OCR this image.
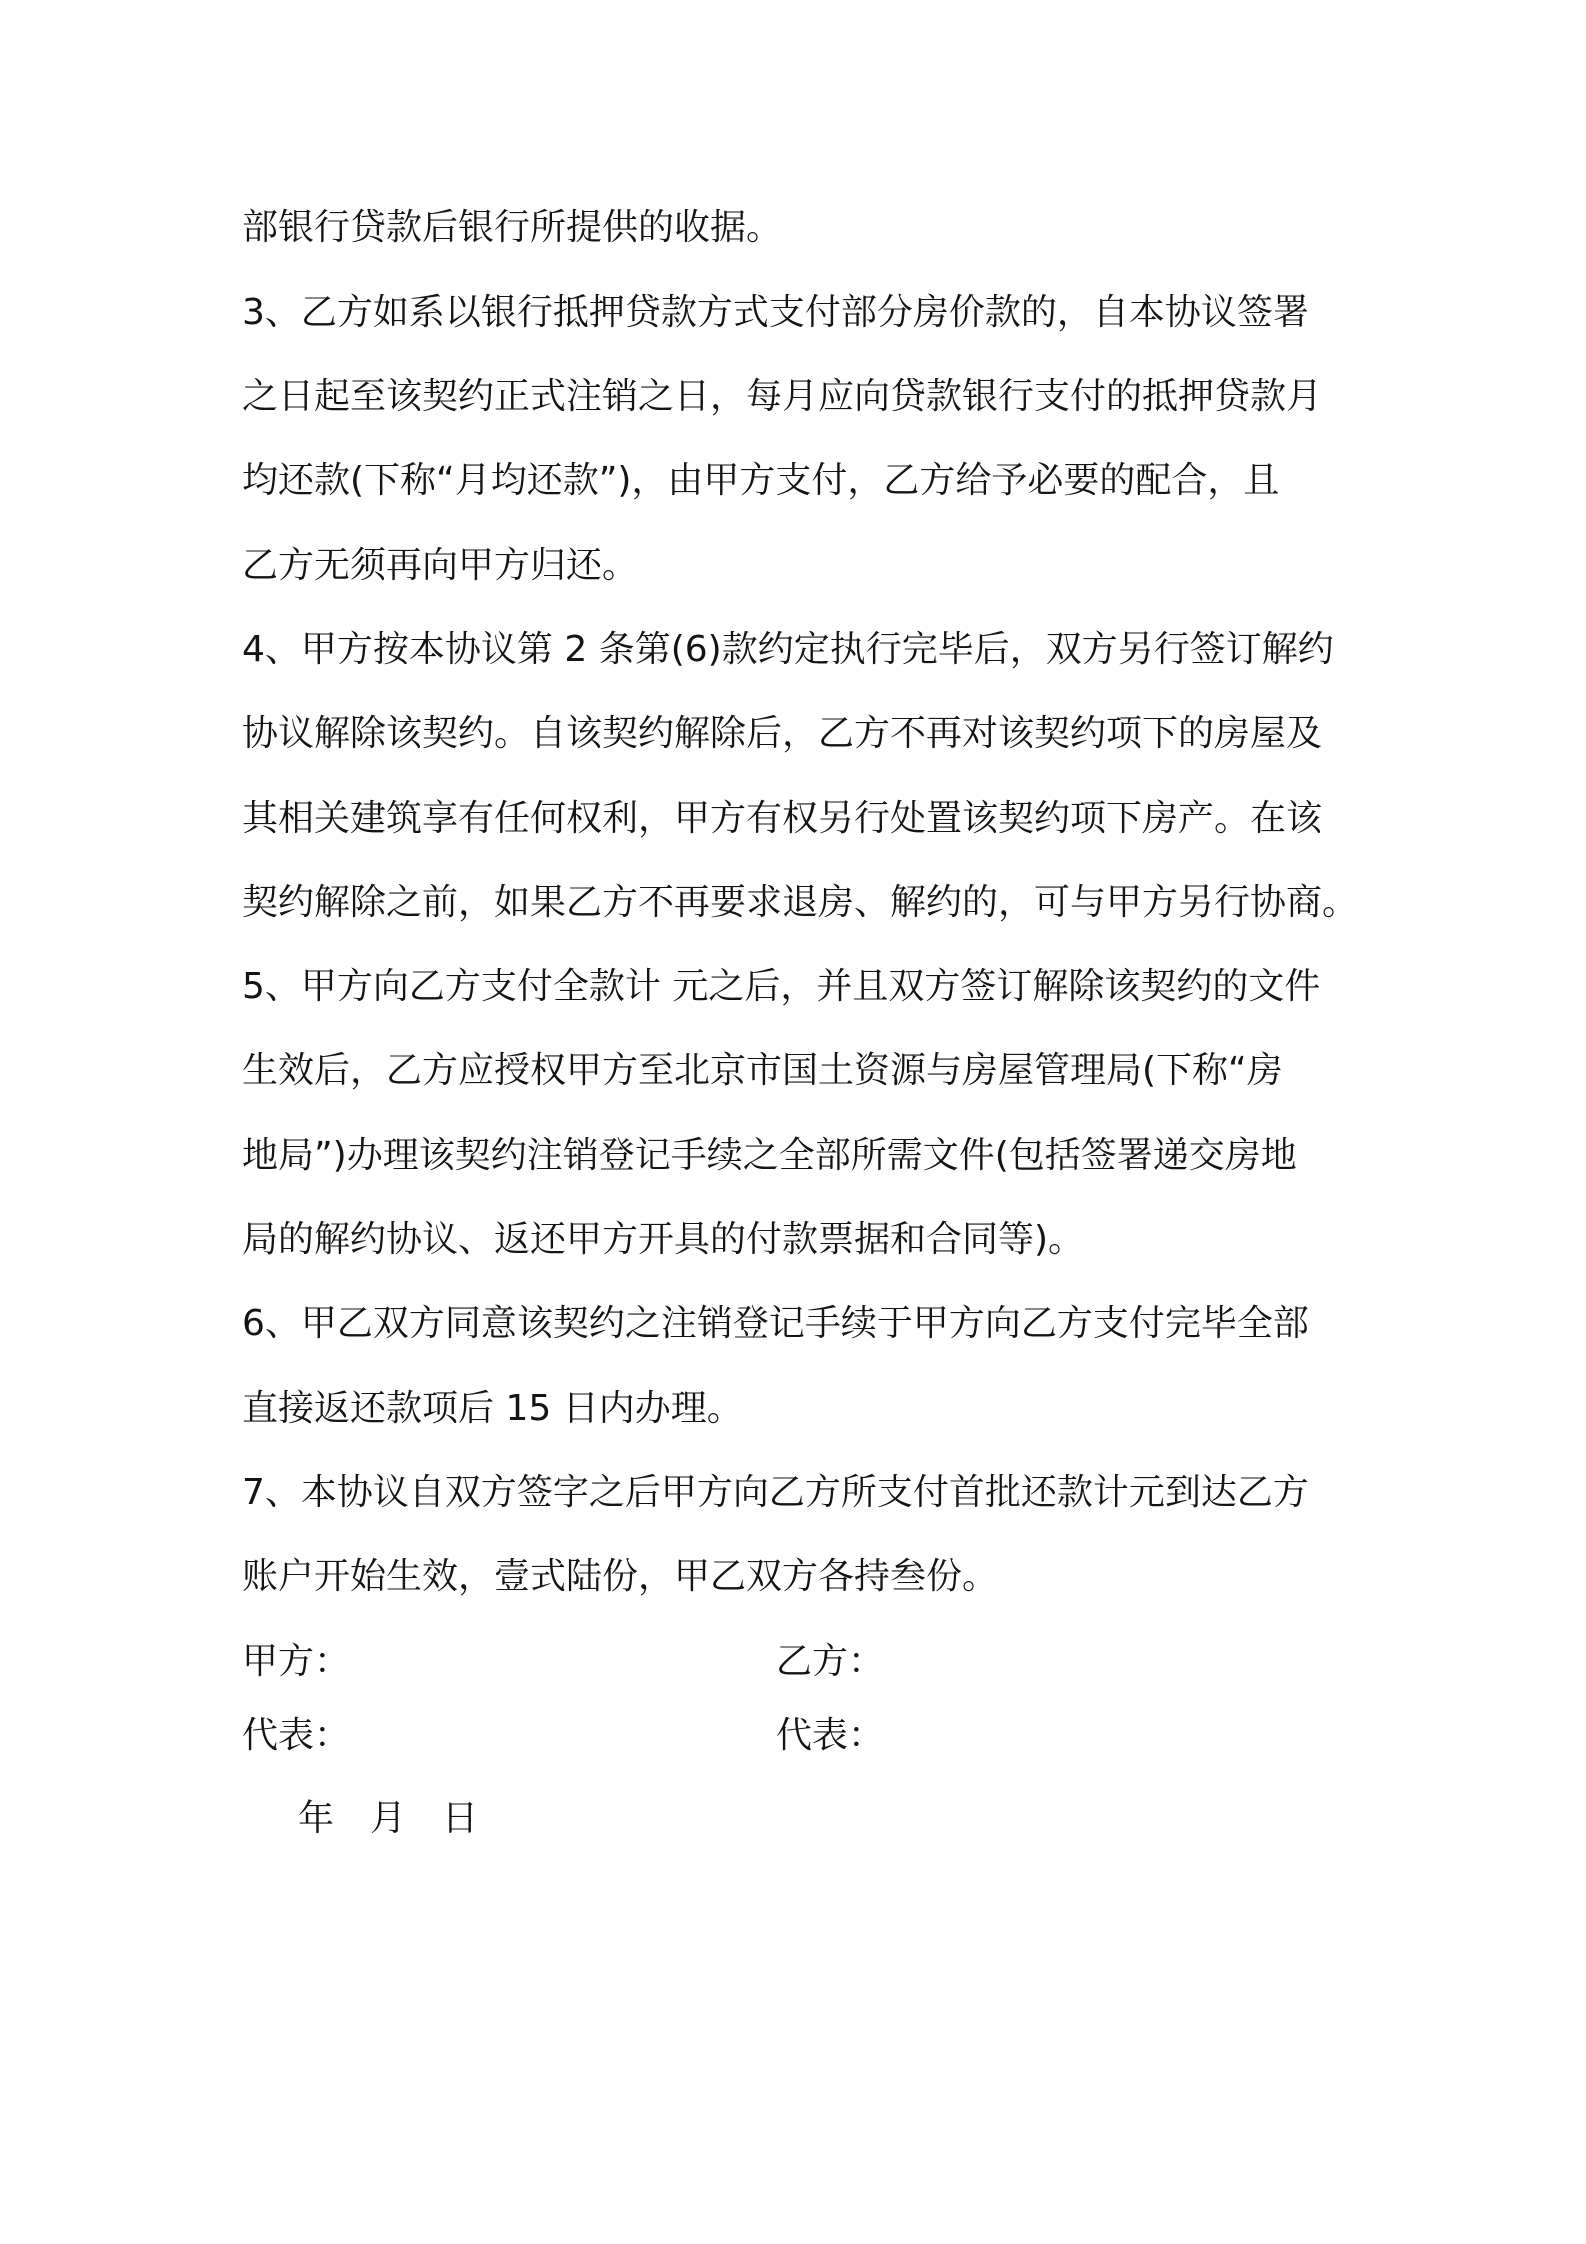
部银行贷款后银行所提供的收据。
3、乙方如系以银行抵押贷款方式支付部分房价款的，自本协议签署
之日起至该契约正式注销之日，每月应向贷款银行支付的抵押贷款月
均还款(下称“月均还款”)，由甲方支付，乙方给予必要的配合，且
乙方无须再向甲方归还。
4、甲方按本协议第 2 条第(6)款约定执行完毕后，双方另行签订解约
协议解除该契约。自该契约解除后，乙方不再对该契约项下的房屋及
其相关建筑享有任何权利，甲方有权另行处置该契约项下房产。在该
契约解除之前，如果乙方不再要求退房、解约的，可与甲方另行协商。
5、甲方向乙方支付全款计 元之后，并且双方签订解除该契约的文件
生效后，乙方应授权甲方至北京市国土资源与房屋管理局(下称“房
地局”)办理该契约注销登记手续之全部所需文件(包括签署递交房地
局的解约协议、返还甲方开具的付款票据和合同等)。
6、甲乙双方同意该契约之注销登记手续于甲方向乙方支付完毕全部
直接返还款项后 15 日内办理。
7、本协议自双方签字之后甲方向乙方所支付首批还款计元到达乙方
账户开始生效，壹式陆份，甲乙双方各持叁份。
甲方：	乙方：
代表：	代表：
年 月 日
